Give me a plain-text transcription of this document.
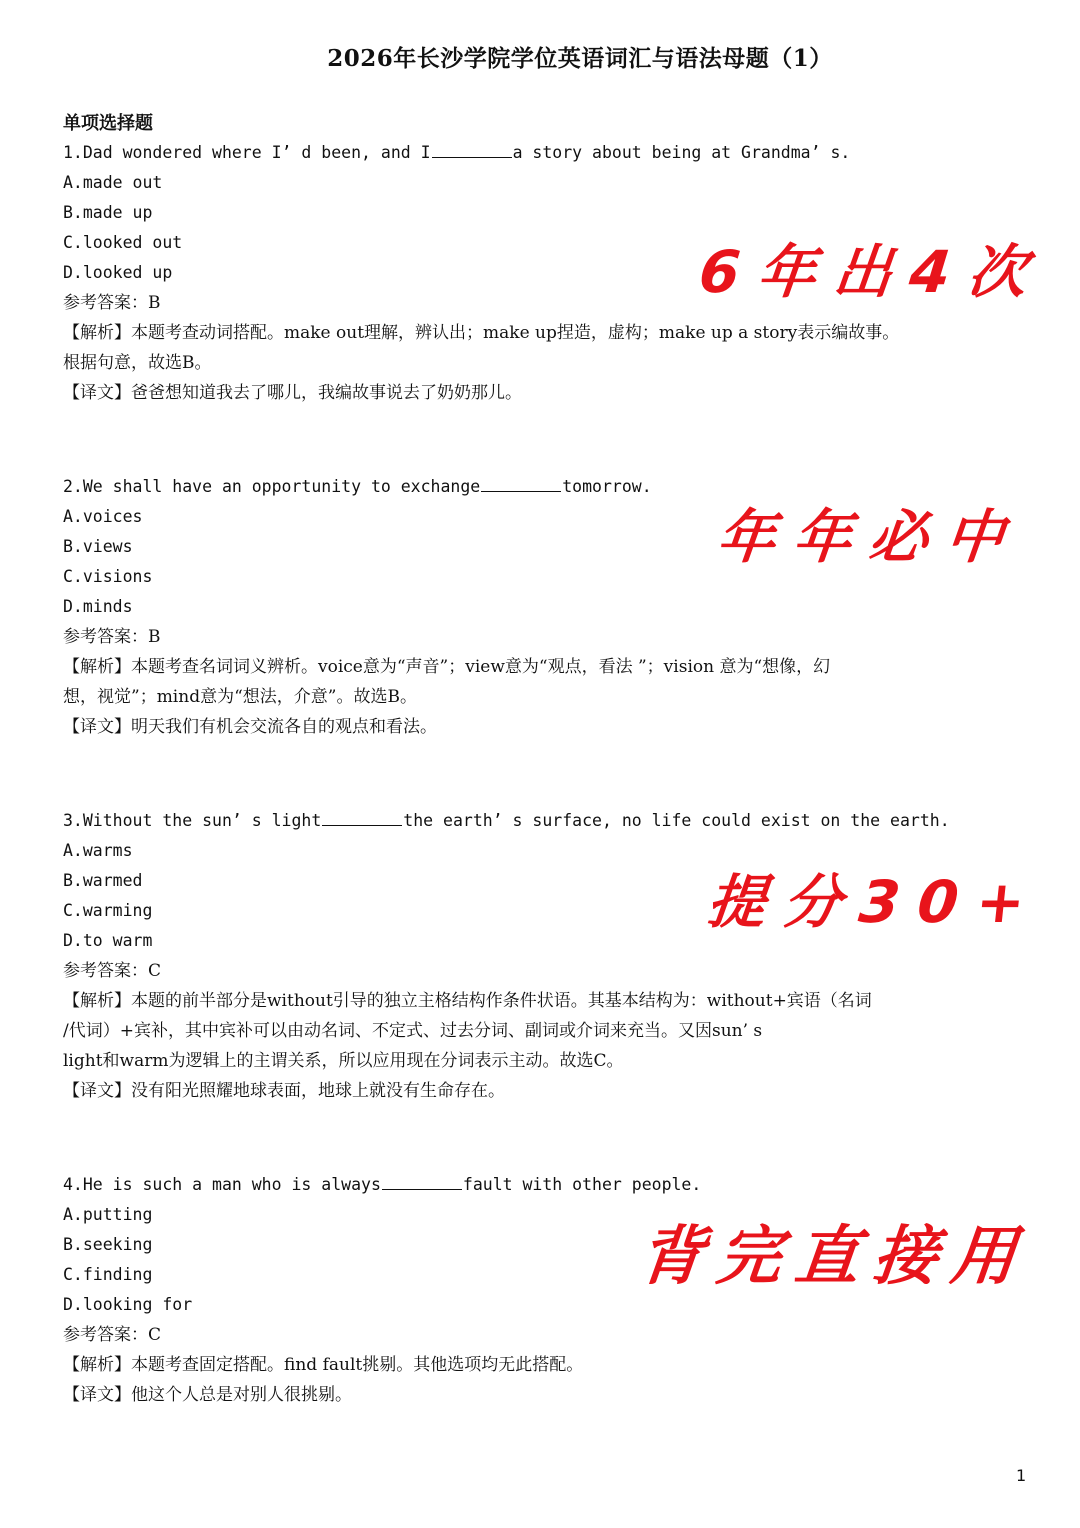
2026年长沙学院学位英语词汇与语法母题（1）
单项选择题
1.Dad wondered where I’ d been, and I	a story about being at Grandma’ s.
A.made out
B.made up
C.looked out
D.looked up
参考答案：B
【解析】本题考查动词搭配。make out理解，辨认出；make up捏造，虚构；make up a story表示编故事。
根据句意，故选B。
【译文】爸爸想知道我去了哪儿，我编故事说去了奶奶那儿。
2.We shall have an opportunity to exchange	tomorrow.
A.voices
B.views
C.visions
D.minds
参考答案：B
【解析】本题考查名词词义辨析。voice意为“声音”；view意为“观点，看法 ”；vision 意为“想像，幻
想，视觉”；mind意为“想法，介意”。故选B。
【译文】明天我们有机会交流各自的观点和看法。
3.Without the sun’ s light	the earth’ s surface, no life could exist on the earth.
A.warms
B.warmed
C.warming
D.to warm
参考答案：C
【解析】本题的前半部分是without引导的独立主格结构作条件状语。其基本结构为：without+宾语（名词
/代词）+宾补，其中宾补可以由动名词、不定式、过去分词、副词或介词来充当。又因sun’ s
light和warm为逻辑上的主谓关系，所以应用现在分词表示主动。故选C。
【译文】没有阳光照耀地球表面，地球上就没有生命存在。
4.He is such a man who is always	fault with other people.
A.putting
B.seeking
C.finding
D.looking for
参考答案：C
【解析】本题考查固定搭配。find fault挑剔。其他选项均无此搭配。
【译文】他这个人总是对别人很挑剔。
6年出4次
年年必中
提分30+
背完直接用
1
